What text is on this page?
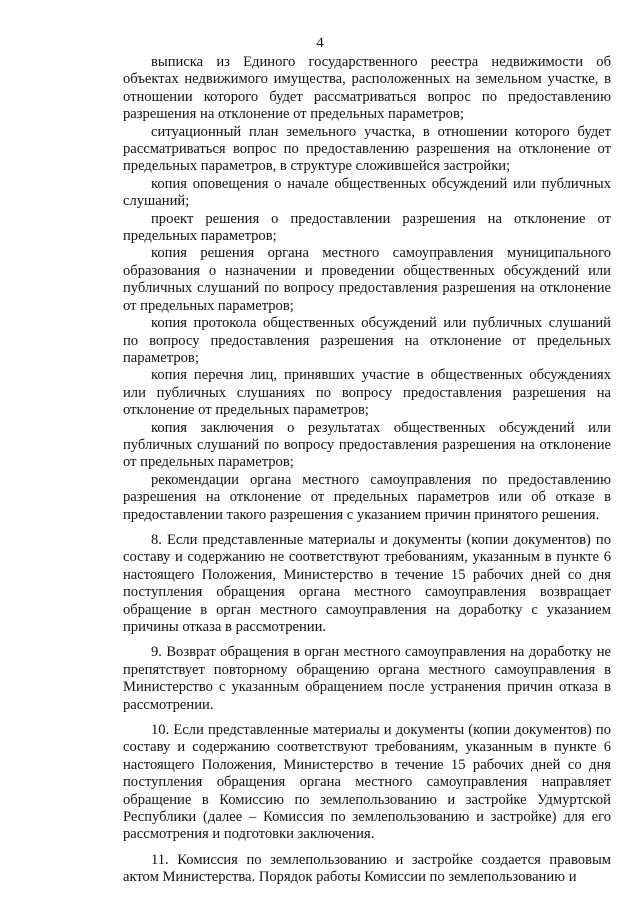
4

выписка из Единого государственного реестра недвижимости об объектах недвижимого имущества, расположенных на земельном участке, в отношении которого будет рассматриваться вопрос по предоставлению разрешения на отклонение от предельных параметров;

ситуационный план земельного участка, в отношении которого будет рассматриваться вопрос по предоставлению разрешения на отклонение от предельных параметров, в структуре сложившейся застройки;

копия оповещения о начале общественных обсуждений или публичных слушаний;

проект решения о предоставлении разрешения на отклонение от предельных параметров;

копия решения органа местного самоуправления муниципального образования о назначении и проведении общественных обсуждений или публичных слушаний по вопросу предоставления разрешения на отклонение от предельных параметров;

копия протокола общественных обсуждений или публичных слушаний по вопросу предоставления разрешения на отклонение от предельных параметров;

копия перечня лиц, принявших участие в общественных обсуждениях или публичных слушаниях по вопросу предоставления разрешения на отклонение от предельных параметров;

копия заключения о результатах общественных обсуждений или публичных слушаний по вопросу предоставления разрешения на отклонение от предельных параметров;

рекомендации органа местного самоуправления по предоставлению разрешения на отклонение от предельных параметров или об отказе в предоставлении такого разрешения с указанием причин принятого решения.

8. Если представленные материалы и документы (копии документов) по составу и содержанию не соответствуют требованиям, указанным в пункте 6 настоящего Положения, Министерство в течение 15 рабочих дней со дня поступления обращения органа местного самоуправления возвращает обращение в орган местного самоуправления на доработку с указанием причины отказа в рассмотрении.

9. Возврат обращения в орган местного самоуправления на доработку не препятствует повторному обращению органа местного самоуправления в Министерство с указанным обращением после устранения причин отказа в рассмотрении.

10. Если представленные материалы и документы (копии документов) по составу и содержанию соответствуют требованиям, указанным в пункте 6 настоящего Положения, Министерство в течение 15 рабочих дней со дня поступления обращения органа местного самоуправления направляет обращение в Комиссию по землепользованию и застройке Удмуртской Республики (далее – Комиссия по землепользованию и застройке) для его рассмотрения и подготовки заключения.

11. Комиссия по землепользованию и застройке создается правовым актом Министерства. Порядок работы Комиссии по землепользованию и
